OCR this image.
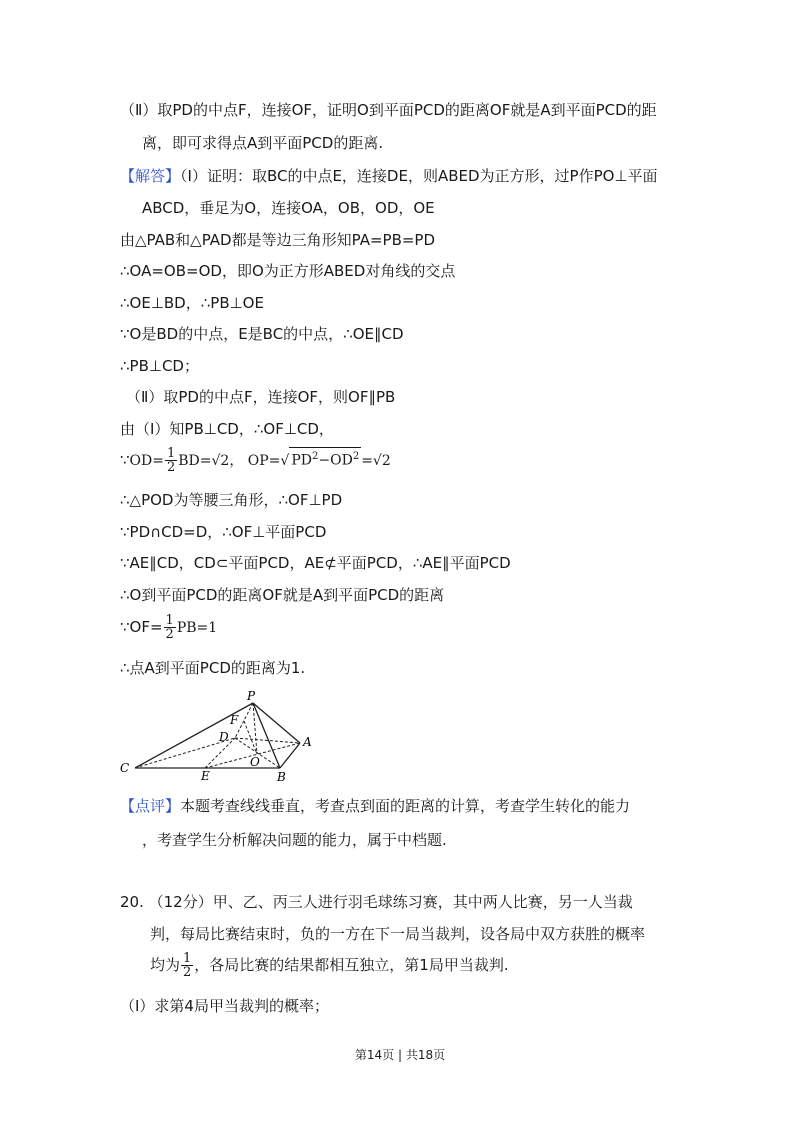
（Ⅱ）取PD的中点F，连接OF，证明O到平面PCD的距离OF就是A到平面PCD的距
离，即可求得点A到平面PCD的距离.
【解答】（Ⅰ）证明：取BC的中点E，连接DE，则ABED为正方形，过P作PO⊥平面
ABCD，垂足为O，连接OA，OB，OD，OE
由△PAB和△PAD都是等边三角形知PA=PB=PD
∴OA=OB=OD，即O为正方形ABED对角线的交点
∴OE⊥BD，∴PB⊥OE
∵O是BD的中点，E是BC的中点，∴OE∥CD
∴PB⊥CD；
（Ⅱ）取PD的中点F，连接OF，则OF∥PB
由（Ⅰ）知PB⊥CD，∴OF⊥CD，
∵OD= $\frac{1}{2} BD=√2$， OP=√ $PD^2-OD^2 =√2$
∴△POD为等腰三角形，∴OF⊥PD
∵PD∩CD=D，∴OF⊥平面PCD
∵AE∥CD，CD⊂平面PCD，AE⊄平面PCD，∴AE∥平面PCD
∴O到平面PCD的距离OF就是A到平面PCD的距离
∵OF= $\frac{1}{2} PB=1$
∴点A到平面PCD的距离为1.
P
F
D	A
O
C
E	B
【点评】本题考查线线垂直，考查点到面的距离的计算，考查学生转化的能力
，考查学生分析解决问题的能力，属于中档题.
20. （12分）甲、乙、丙三人进行羽毛球练习赛，其中两人比赛，另一人当裁
判，每局比赛结束时，负的一方在下一局当裁判，设各局中双方获胜的概率
均为 $\frac{1}{2}$ ，各局比赛的结果都相互独立，第1局甲当裁判.
（Ⅰ）求第4局甲当裁判的概率；
第14页 | 共18页
